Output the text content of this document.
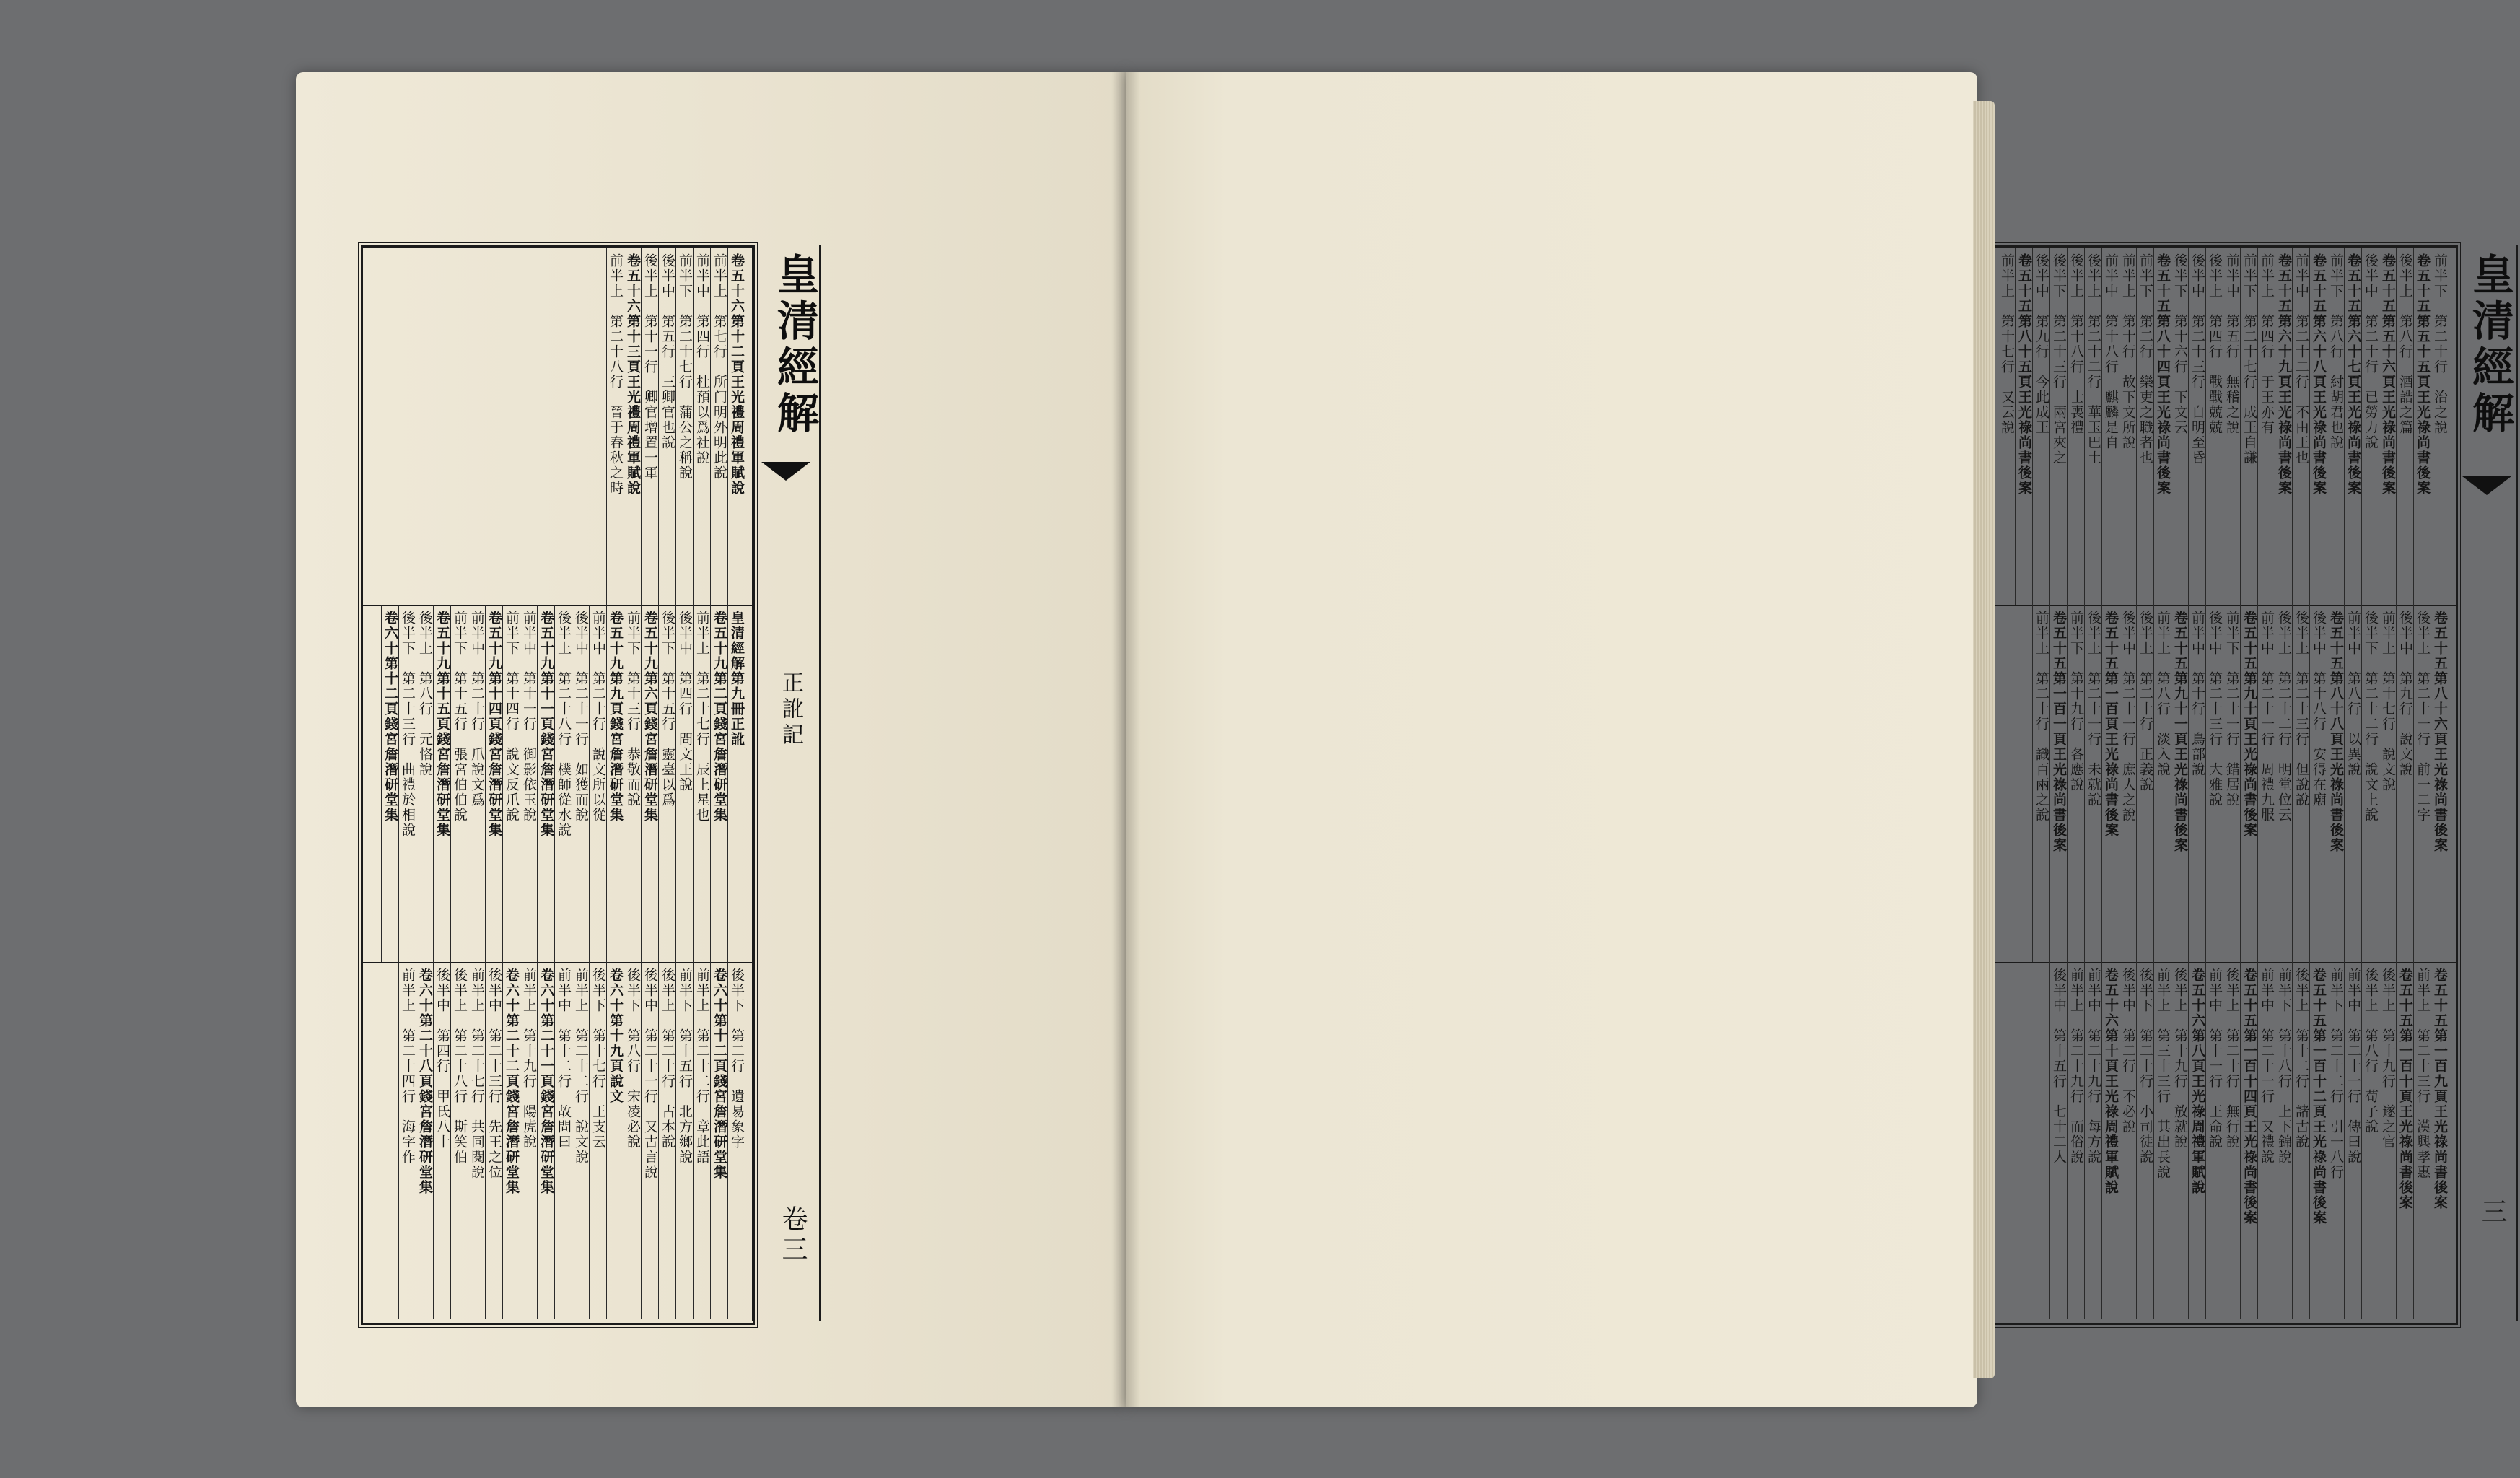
卷五十六第十二頁王光禮周禮軍賦說
前半上　第七行　所门明外明此說
前半中　第四行　杜預以爲社說
前半下　第二十七行　蒲公之稱說
後半中　第五行　三卿官也說
後半上　第十一行　卿官增置一軍
卷五十六第十三頁王光禮周禮軍賦說
前半上　第二十八行　晉于春秋之時
皇清經解第九冊正訛
卷五十九第二頁錢宮詹潛研堂集
前半上　第二十七行　辰上星也
後半中　第四行　問文王說
後半下　第十五行　靈臺以爲
卷五十九第六頁錢宮詹潛研堂集
前半下　第十三行　恭敬而說
卷五十九第九頁錢宮詹潛研堂集
前半中　第二十行　說文所以從
後半中　第二十一行　如獲而說
後半上　第二十八行　樸師從水說
卷五十九第十一頁錢宮詹潛研堂集
前半中　第十一行　御影依玉說
前半下　第十四行　說文反爪說
卷五十九第十四頁錢宮詹潛研堂集
前半中　第二十行　爪說文爲
前半下　第十五行　張宮伯伯說
卷五十九第十五頁錢宮詹潛研堂集
後半上　第八行　元恪說
後半下　第二十三行　曲禮於相說
卷六十第十二頁錢宮詹潛研堂集
後半下　第二行　遺易象字
卷六十第十二頁錢宮詹潛研堂集
前半上　第二十二行　章此語
前半下　第十五行　北方鄉說
後半上　第二十行　古本說
後半中　第二十一行　又古言說
後半下　第八行　宋凌必說
卷六十第十九頁說文
後半下　第十七行　王支云
前半上　第二十二行　說文說
前半中　第十二行　故問曰
卷六十第二十一頁錢宮詹潛研堂集
前半上　第十九行　陽虎說
卷六十第二十二頁錢宮詹潛研堂集
後半中　第二十三行　先王之位
前半上　第二十七行　共同閱說
後半上　第二十八行　斯笑伯
後半中　第四行　甲氏八十
卷六十第二十八頁錢宮詹潛研堂集
前半上　第二十四行　海字作
皇清經解
正訛記
卷三
前半下　第二十行　治之說
卷五十五第五十五頁王光祿尚書後案
後半上　第八行　酒誥之篇
卷五十五第五十六頁王光祿尚書後案
後半中　第二十行　已勞力說
卷五十五第六十七頁王光祿尚書後案
前半下　第八行　紂胡君也說
卷五十五第六十八頁王光祿尚書後案
前半中　第二十二行　不由王也
卷五十五第六十九頁王光祿尚書後案
前半上　第四行　于王亦有
前半下　第二十七行　成王自謙
前半中　第五行　無稽之說
後半上　第四行　戰戰兢兢
後半中　第二十三行　自明至昏
後半下　第十六行　下文云
卷五十五第八十四頁王光祿尚書後案
前半下　第二行　樂吏之職者也
前半上　第十行　故下文所說
前半中　第十八行　麒麟是自
後半上　第二十二行　華玉巴土
後半上　第十八行　士喪禮
後半下　第二十三行　兩宮夾之
後半中　第九行　今此成王
卷五十五第八十五頁王光祿尚書後案
前半上　第十七行　又云說
卷五十五第八十六頁王光祿尚書後案
後半上　第二十一行　前一二字
後半中　第九行　說文說
前半上　第十七行　說文說
後半下　第二十二行　說文上說
前半中　第八行　以異說
卷五十五第八十八頁王光祿尚書後案
後半中　第十八行　安得在廟
後半上　第二十三行　但說說
後半上　第二十二行　明堂位云
前半中　第二十一行　周禮九服
卷五十五第九十頁王光祿尚書後案
前半下　第二十一行　錯居說
後半中　第二十三行　大雅說
前半中　第十行　鳥部說
卷五十五第九十一頁王光祿尚書後案
前半上　第八行　淡入說
後半上　第二十行　正義說
後半中　第二十一行　庶人之說
卷五十五第一百頁王光祿尚書後案
後半上　第二十一行　未就說
前半下　第十九行　各應說
卷五十五第一百一頁王光祿尚書後案
前半上　第二十行　識百兩之說
卷五十五第一百九頁王光祿尚書後案
前半上　第二十三行　漢興孝惠
卷五十五第一百十頁王光祿尚書後案
後半上　第十九行　遂之官
後半上　第八行　荀子說
前半中　第二十一行　傳曰說
前半下　第二十二行　引一八行
卷五十五第一百十二頁王光祿尚書後案
後半上　第十二行　諸古說
前半下　第十八行　上下錦說
前半中　第二十一行　又禮說
卷五十五第一百十四頁王光祿尚書後案
後半上　第二十行　無行說
前半中　第十一行　王命說
卷五十六第八頁王光祿周禮軍賦說
後半上　第十九行　放就說
前半上　第三十三行　其出長說
後半下　第二十行　小司徒說
後半中　第二行　不必說
卷五十六第十頁王光祿周禮軍賦說
前半中　第二十九行　每方說
前半上　第二十九行　而俗說
後半中　第十五行　七十二人
皇清經解
三
